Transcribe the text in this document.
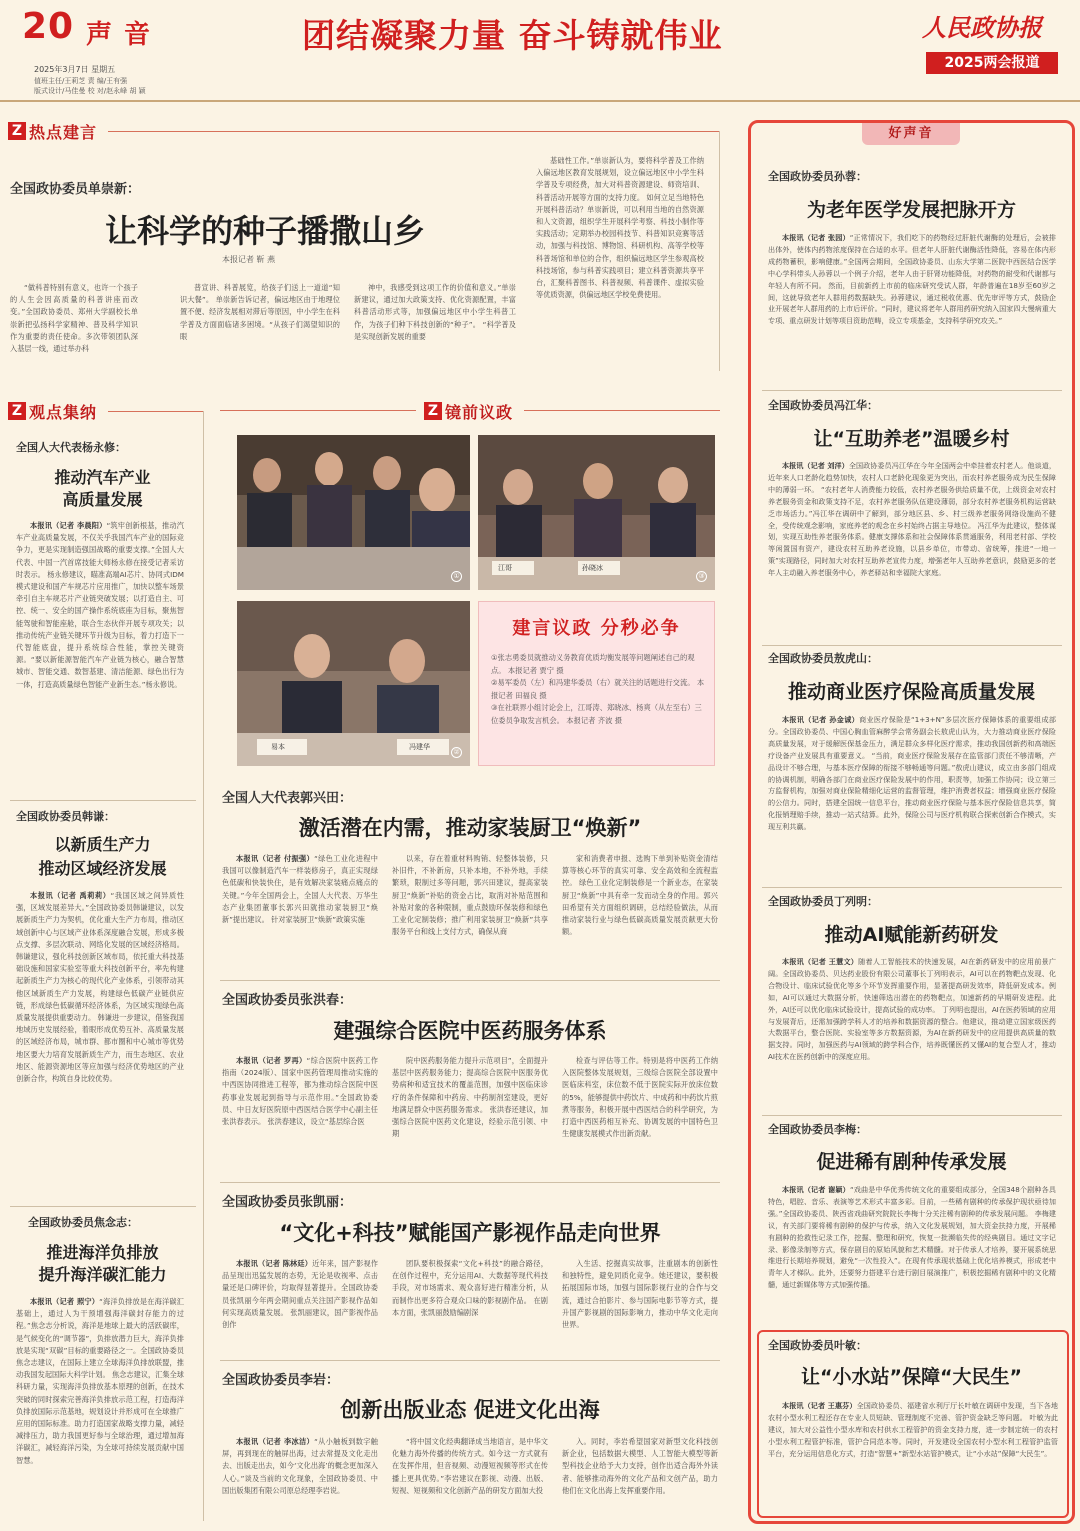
20 声音
2025年3月7日 星期五
值班主任/王莉芝 责 编/王有强
版式设计/马佳曼 校 对/赵永峰 胡 颖
团结凝聚力量 奋斗铸就伟业	人民政协报
2025两会报道
Z 热点建言
全国政协委员单崇新：
让科学的种子播撒山乡
本报记者 靳 燕
“做科普特别有意义，也许一个孩子的人生会因高质量的科普讲座而改变。”全国政协委员、郑州大学副校长单崇新把弘扬科学家精神、普及科学知识作为重要的责任使命。多次带领团队深入基层一线，通过举办科
普宣讲、科普展览，给孩子们送上一道道“知识大餐”。 单崇新告诉记者，偏远地区由于地理位置不便、经济发展相对滞后等原因，中小学生在科学普及方面面临诸多困境。“从孩子们渴望知识的眼
神中，我感受到这项工作的价值和意义。”单崇新建议，通过加大政策支持、优化资源配置，丰富科普活动形式等，加强偏远地区中小学生科普工作，为孩子们种下科技创新的“种子”。 “科学普及是实现创新发展的重要
基础性工作。”单崇新认为，要将科学普及工作纳入偏远地区教育发展规划，设立偏远地区中小学生科学普及专项经费，加大对科普资源建设、师资培训、科普活动开展等方面的支持力度。 如何立足当地特色开展科普活动？单崇新说，可以利用当地的自然资源和人文资源，组织学生开展科学考察、科技小制作等实践活动；定期举办校园科技节、科普知识竞赛等活动，加强与科技馆、博物馆、科研机构、高等学校等科普场馆和单位的合作，组织偏远地区学生参观高校科技场馆，参与科普实践项目；建立科普资源共享平台，汇聚科普图书、科普视频、科普课件、虚拟实验等优质资源，供偏远地区学校免费使用。
Z 观点集纳
全国人大代表杨永修：
推动汽车产业
高质量发展
本报讯（记者 李晨阳）“筑牢创新根基，推动汽车产业高质量发展，不仅关乎我国汽车产业的国际竞争力，更是实现制造强国战略的重要支撑。”全国人大代表、中国一汽首席技能大师杨永修在接受记者采访时表示。 杨永修建议，瞄准高端AI芯片、协同式IDM模式建设和国产车规芯片应用推广，加快以整车场景牵引自主车规芯片产业链突破发展；以打造自主、可控、统一、安全的国产操作系统底座为目标，聚焦智能驾驶和智能座舱，联合生态伙伴开展专项攻关；以推动传统产业链关键环节升级为目标，着力打造下一代智能底盘，提升系统综合性能，掌控关键资源。“要以新能源智能汽车产业链为核心，融合智慧城市、智能交通、数智基建、清洁能源、绿色出行为一体，打造高质量绿色智能产业新生态。”杨永修说。
全国政协委员韩谦：
以新质生产力
推动区域经济发展
本报讯（记者 禹莉莉）“我国区域之间异质性强，区域发展差异大。”全国政协委员韩谦建议，以发展新质生产力为契机，优化重大生产力布局，推动区域创新中心与区域产业体系深度融合发展，形成多极点支撑、多层次联动、网络化发展的区域经济格局。 韩谦建议，强化科技创新区域布局，依托重大科技基础设施和国家实验室等重大科技创新平台，率先构建起新质生产力为核心的现代化产业体系，引领带动其他区域新质生产力发展，构建绿色低碳产业链供应链，形成绿色低碳循环经济体系，为区域实现绿色高质量发展提供重要动力。 韩谦进一步建议，借鉴我国地域历史发展经验，着眼形成优势互补、高质量发展的区域经济布局，城市群、都市圈和中心城市等优势地区要大力培育发展新质生产力，而生态地区、农业地区、能源资源地区等应加强与经济优势地区的产业创新合作，构筑自身比较优势。
全国政协委员焦念志：
推进海洋负排放
提升海洋碳汇能力
本报讯（记者 照宁）“海洋负排放是在海洋碳汇基础上，通过人为干预增强海洋碳封存能力的过程。”焦念志分析说，海洋是地球上最大的活跃碳库，是气候变化的“调节器”，负排放潜力巨大，海洋负排放是实现“双碳”目标的重要路径之一。全国政协委员焦念志建议，在国际上建立全球海洋负排放联盟，推动我国发起国际大科学计划。 焦念志建议，汇集全球科研力量，实现海洋负排放基本原理的创新，在技术突破的同时探索完善海洋负排放示范工程，打造海洋负排放国际示范基地，规划设计并形成可在全球推广应用的国际标准。助力打造国家战略支撑力量，减轻减排压力，助力我国更好参与全球治理，通过增加海洋碳汇，减轻海洋污染，为全球可持续发展贡献中国智慧。
Z 镜前议政
①
江哥	孙晓冰
③
易本	冯建华
②
建言议政 分秒必争
①张志勇委员就推动义务教育优质均衡发展等问题阐述自己的观点。 本报记者 贾宁 摄
②易军委员（左）和冯建华委员（右）就关注的话题进行交流。 本报记者 田福良 摄
③在社联界小组讨论会上，江哥涛、郑晓冰、杨爽（从左至右）三位委员争取发言机会。 本报记者 齐波 摄
全国人大代表郭兴田：
激活潜在内需，推动家装厨卫“焕新”
本报讯（记者 付振强）“绿色工业化进程中我国可以像制造汽车一样装修房子，真正实现绿色低碳和快装快住，是有效解决家装痛点痛点的关键。”今年全国两会上，全国人大代表、万华生态产业集团董事长郭兴田就推动家装厨卫“焕新”提出建议。 针对家装厨卫“焕新”政策实施
以来，存在着重材料购销、轻整体装修，只补旧件，不补新房，只补本地，不补外地，手续繁琐，限制过多等问题，郭兴田建议，提高家装厨卫“焕新”补贴的资金占比，取消对补贴范围和补贴对象的各种限制，重点鼓励环保装修和绿色工业化定制装修；推广利用家装厨卫“焕新”共享服务平台和线上支付方式，确保从商
家和消费者申报、选购下单到补贴资金清结算等核心环节的真实可靠、安全高效和全流程监控。 绿色工业化定制装修是一个新业态，在家装厨卫“焕新”中具有牵一发而动全身的作用。郭兴田希望有关方面组织调研，总结经验做法，从而推动家装行业与绿色低碳高质量发展贡献更大份额。
全国政协委员张洪春：
建强综合医院中医药服务体系
本报讯（记者 罗再）“综合医院中医药工作指南（2024版）、国家中医药管理局推动实施的中西医协同推进工程等，都为推动综合医院中医药事业发展起到指导与示范作用。”全国政协委员、中日友好医院原中西医结合医学中心副主任张洪春表示。 张洪春建议，设立“基层综合医
院中医药服务能力提升示范项目”，全面提升基层中医药服务能力；提高综合医院中医服务优势病种和适宜技术的覆盖范围，加强中医临床诊疗的条件保障和中药房、中药制剂室建设，更好地满足群众中医药服务需求。 张洪春还建议，加强综合医院中医药文化建设，经验示范引领、中期
检查与评估等工作。特别是将中医药工作纳入医院整体发展规划，三级综合医院全部设置中医临床科室，床位数不低于医院实际开放床位数的5%，能够提供中药饮片、中成药和中药饮片煎煮等服务，积极开展中西医结合的科学研究，为打造中西医药相互补充、协调发展的中国特色卫生健康发展模式作出新贡献。
全国政协委员张凯丽：
“文化+科技”赋能国产影视作品走向世界
本报讯（记者 陈林廷）近年来，国产影视作品呈现出迅猛发展的态势，无论是收视率、点击量还是口碑评价，均取得显著提升。全国政协委员张凯丽今年两会期间重点关注国产影视作品如何实现高质量发展。 张凯丽建议，国产影视作品创作
团队要积极探索“文化+科技”的融合路径，在创作过程中，充分运用AI、大数据等现代科技手段，对市场需求、观众喜好进行精准分析，从而制作出更多符合观众口味的影视剧作品。 在剧本方面，张凯丽鼓励编剧深
入生活、挖掘真实故事，注重剧本的创新性和独特性，避免同质化竞争。她还建议，要积极拓展国际市场，加强与国际影视行业的合作与交流，通过合拍影片、参与国际电影节等方式，提升国产影视剧的国际影响力，推动中华文化走向世界。
全国政协委员李岩：
创新出版业态 促进文化出海
本报讯（记者 李冰洁）“从小触板到数字触屏，再到现在的触屏出海，过去常提及文化走出去、出版走出去，如今‘文化出海’的概念更加深入人心。”谈及当前的文化现象，全国政协委员、中国出版集团有限公司原总经理李岩说。
“将中国文化经典翻译成当地语言，是中华文化魅力海外传播的传统方式。如今这一方式就有在发挥作用，但音视频、动漫短视频等形式在传播上更具优势。”李岩建议在影视、动漫、出版、短视、短视频和文化创新产品的研发方面加大投
入。同时，李岩希望国家对新型文化科技创新企业，包括数据大模型、人工智能大模型等新型科技企业给予大力支持，创作出适合海外外读者、能够推动海外的文化产品和文创产品，助力他们在文化出海上发挥重要作用。
好声音
全国政协委员孙蓉：
为老年医学发展把脉开方
本报讯（记者 张园）“正常情况下，我们吃下的药物经过肝脏代谢酶的处理后，会被排出体外，使体内药物浓度保持在合适的水平。但老年人肝脏代谢酶活性降低，容易在体内形成药物蓄积，影响健康。”全国两会期间，全国政协委员、山东大学第二医院中西医结合医学中心学科带头人孙蓉以一个例子介绍，老年人由于肝肾功能降低，对药物的耐受和代谢都与年轻人有所不同。 然而，目前新药上市前的临床研究受试人群，年龄普遍在18岁至60岁之间，这就导致老年人群用药数据缺失。孙蓉建议，通过税收优惠、优先审评等方式，鼓励企业开展老年人群用药的上市后评价。“同时，建议将老年人群用药研究纳入国家四大慢病重大专项、重点研发计划等项目资助范畴，设立专项基金，支持科学研究攻关。”
全国政协委员冯江华：
让“互助养老”温暖乡村
本报讯（记者 刘洋）全国政协委员冯江华在今年全国两会中牵挂着农村老人。他谈道，近年来人口老龄化趋势加快，农村人口老龄化现象更为突出，而农村养老服务成为民生保障中的薄弱一环。 “农村老年人消费能力较低，农村养老服务供给质量不优，上级资金对农村养老服务资金和政策支持不足，农村养老服务队伍建设薄弱，部分农村养老服务机构运营缺乏市场活力。”冯江华在调研中了解到，部分地区县、乡、村三级养老服务网络设施尚不健全，受传统观念影响，家庭养老的观念在乡村始终占据主导地位。 冯江华为此建议，整体谋划，实现互助性养老服务体系。健康支撑体系和社会保障体系贯通服务，利用老村部、学校等闲置国有资产，建设农村互助养老设施，以县乡单位，市带动、省统筹，推进“一地一策”实现路径，同时加大对农村互助养老宣传力度，增强老年人互助养老意识，鼓励更多的老年人主动融入养老服务中心，养老驿站和幸福院大家庭。
全国政协委员敖虎山：
推动商业医疗保险高质量发展
本报讯（记者 孙金诚）商业医疗保险是“1+3+N”多层次医疗保障体系的重要组成部分。全国政协委员、中国心胸血管麻醉学会常务副会长敖虎山认为，大力推动商业医疗保险高质量发展，对于缓解医保基金压力，满足群众多样化医疗需求，推动我国创新药和高端医疗设备产业发展具有重要意义。 “当前，商业医疗保险发展存在监管部门责任不够清晰，产品设计不够合理，与基本医疗保障的衔接不够畅通等问题。”敖虎山建议，成立由多部门组成的协调机制，明确各部门在商业医疗保险发展中的作用，职责等，加强工作协同；设立第三方监督机构，加强对商业保险精细化运营的监督管理，维护消费者权益；增强商业医疗保险的公信力。同时，搭建全国统一信息平台，推动商业医疗保险与基本医疗保险信息共享，简化报销理赔手续，推动一站式结算。此外，保险公司与医疗机构联合探索创新合作模式，实现互利共赢。
全国政协委员丁列明：
推动AI赋能新药研发
本报讯（记者 王慧文）随着人工智能技术的快速发展，AI在新药研发中的应用前景广阔。全国政协委员、贝达药业股份有限公司董事长丁列明表示，AI可以在药物靶点发现、化合物设计、临床试验优化等多个环节发挥重要作用，显著提高研发效率，降低研发成本。例如，AI可以通过大数据分析，快速筛选出潜在的药物靶点，加速新药的早期研发进程。此外，AI还可以优化临床试验设计，提高试验的成功率。 丁列明也提出，AI在医药领域的应用与发展背后，还需加强跨学科人才的培养和数据资源的整合。他建议，推动建立国家级医药大数据平台，整合医院、实验室等多方数据资源，为AI在新药研发中的应用提供高质量的数据支持。同时，加强医药与AI领域的跨学科合作，培养既懂医药又懂AI的复合型人才，推动AI技术在医药创新中的深度应用。
全国政协委员李梅：
促进稀有剧种传承发展
本报讯（记者 谢颖）“戏曲是中华优秀传统文化的重要组成部分，全国348个剧种各具特色，唱腔、音乐、表演等艺术形式丰富多彩。目前，一些稀有剧种的传承保护现状亟待加强。”全国政协委员、陕西省戏曲研究院院长李梅十分关注稀有剧种的传承发展问题。 李梅建议，有关部门要将稀有剧种的保护与传承，纳入文化发展规划，加大资金扶持力度，开展稀有剧种的抢救性记录工作，挖掘、整理和研究，恢复一批濒临失传的经典剧目。通过文字记录、影像录制等方式，保存剧目的原始风貌和艺术精髓。对于传承人才培养，要开展系统思维进行长期培养规划，避免“一次性投入”。在现有传承现状基础上优化培养模式，形成老中青年人才梯队。此外，还要努力搭建平台进行剧目展演推广，积极挖掘稀有剧种中的文化精髓，通过新媒体等方式加强传播。
全国政协委员叶敏：
让“小水站”保障“大民生”
本报讯（记者 王惠芬）全国政协委员、福建省水利厅厅长叶敏在调研中发现，当下各地农村小型水利工程还存在专业人员短缺、管理制度不完善、管护资金缺乏等问题。 叶敏为此建议，加大对公益性小型水库和农村供水工程管护的资金支持力度，进一步制定统一的农村小型水利工程管护标准，管护合同范本等。同时，开发建设全国农村小型水利工程管护监管平台，充分运用信息化方式，打造“智慧+”新型水站管护模式，让“小水站”保障“大民生”。
